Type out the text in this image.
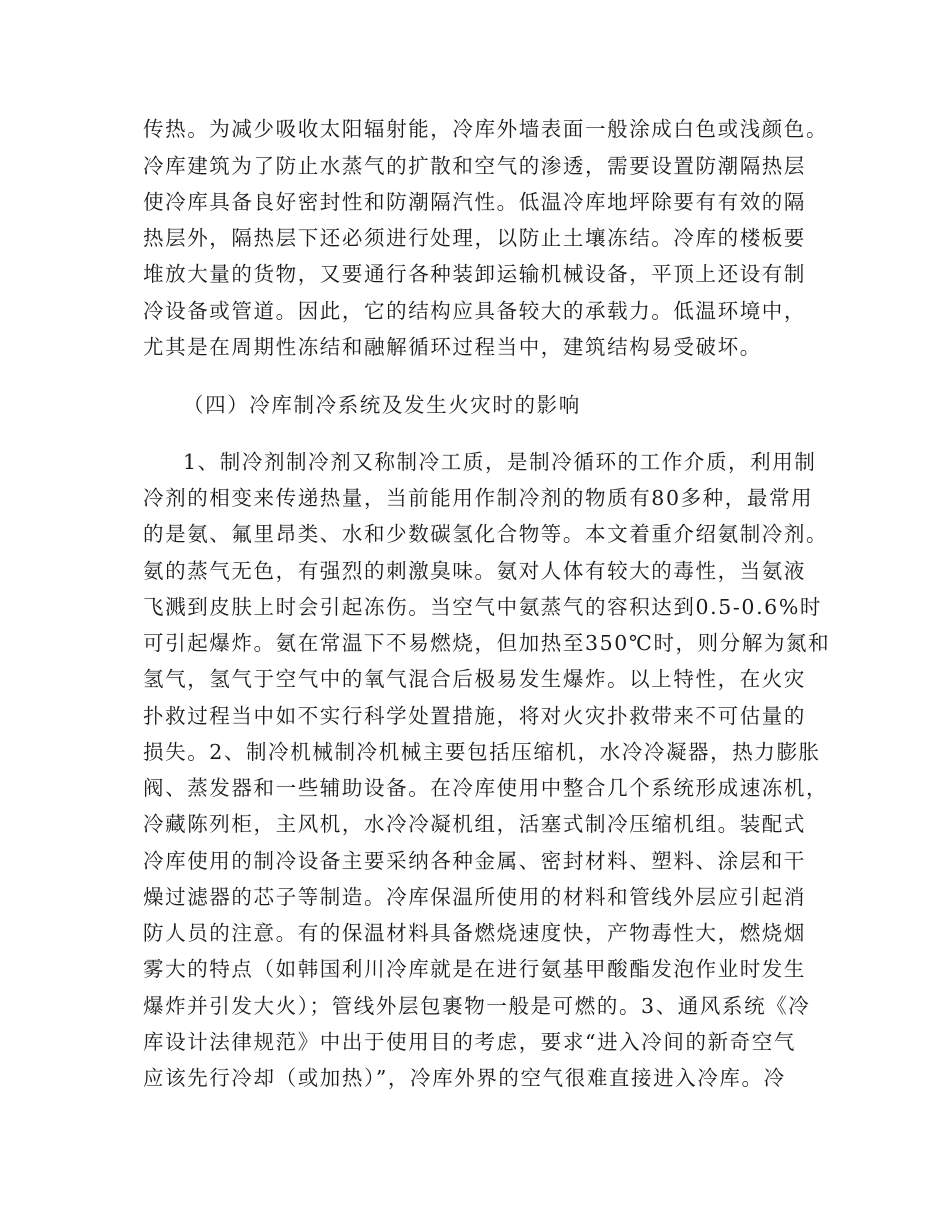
传热。为减少吸收太阳辐射能，冷库外墙表面一般涂成白色或浅颜色。
冷库建筑为了防止水蒸气的扩散和空气的渗透，需要设置防潮隔热层
使冷库具备良好密封性和防潮隔汽性。低温冷库地坪除要有有效的隔
热层外，隔热层下还必须进行处理，以防止土壤冻结。冷库的楼板要
堆放大量的货物，又要通行各种装卸运输机械设备，平顶上还设有制
冷设备或管道。因此，它的结构应具备较大的承载力。低温环境中，
尤其是在周期性冻结和融解循环过程当中，建筑结构易受破坏。
（四）冷库制冷系统及发生火灾时的影响
1、制冷剂制冷剂又称制冷工质，是制冷循环的工作介质，利用制
冷剂的相变来传递热量，当前能用作制冷剂的物质有80多种，最常用
的是氨、氟里昂类、水和少数碳氢化合物等。本文着重介绍氨制冷剂。
氨的蒸气无色，有强烈的刺激臭味。氨对人体有较大的毒性，当氨液
飞溅到皮肤上时会引起冻伤。当空气中氨蒸气的容积达到0.5-0.6%时
可引起爆炸。氨在常温下不易燃烧，但加热至350℃时，则分解为氮和
氢气，氢气于空气中的氧气混合后极易发生爆炸。以上特性，在火灾
扑救过程当中如不实行科学处置措施，将对火灾扑救带来不可估量的
损失。2、制冷机械制冷机械主要包括压缩机，水冷冷凝器，热力膨胀
阀、蒸发器和一些辅助设备。在冷库使用中整合几个系统形成速冻机，
冷藏陈列柜，主风机，水冷冷凝机组，活塞式制冷压缩机组。装配式
冷库使用的制冷设备主要采纳各种金属、密封材料、塑料、涂层和干
燥过滤器的芯子等制造。冷库保温所使用的材料和管线外层应引起消
防人员的注意。有的保温材料具备燃烧速度快，产物毒性大，燃烧烟
雾大的特点（如韩国利川冷库就是在进行氨基甲酸酯发泡作业时发生
爆炸并引发大火）；管线外层包裹物一般是可燃的。3、通风系统《冷
库设计法律规范》中出于使用目的考虑，要求“进入冷间的新奇空气
应该先行冷却（或加热）”，冷库外界的空气很难直接进入冷库。冷
